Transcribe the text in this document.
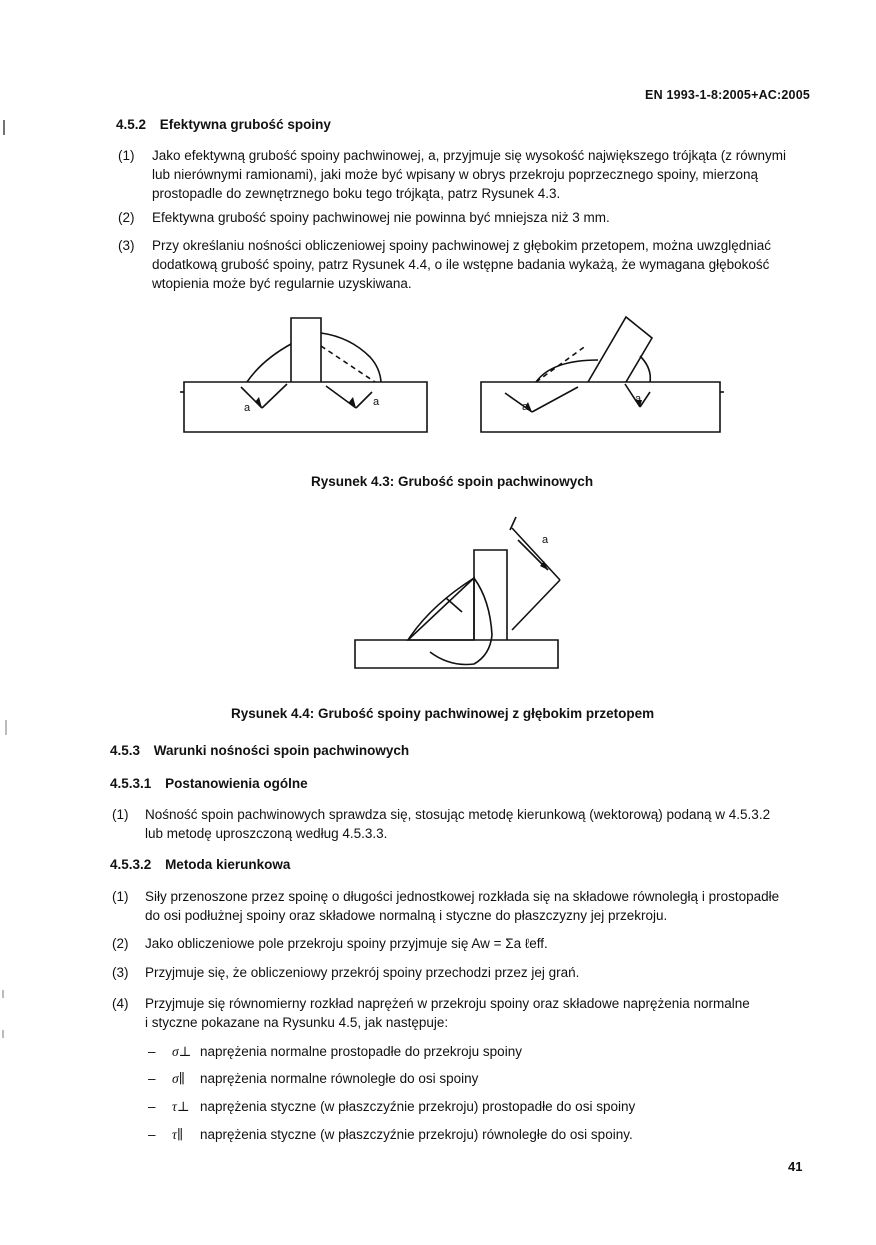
EN 1993-1-8:2005+AC:2005
4.5.2 Efektywna grubość spoiny
(1) Jako efektywną grubość spoiny pachwinowej, a, przyjmuje się wysokość największego trójkąta (z równymi
lub nierównymi ramionami), jaki może być wpisany w obrys przekroju poprzecznego spoiny, mierzoną
prostopadle do zewnętrznego boku tego trójkąta, patrz Rysunek 4.3.
(2) Efektywna grubość spoiny pachwinowej nie powinna być mniejsza niż 3 mm.
(3) Przy określaniu nośności obliczeniowej spoiny pachwinowej z głębokim przetopem, można uwzględniać
dodatkową grubość spoiny, patrz Rysunek 4.4, o ile wstępne badania wykażą, że wymagana głębokość
wtopienia może być regularnie uzyskiwana.
a	a	a
a
Rysunek 4.3: Grubość spoin pachwinowych
a
Rysunek 4.4: Grubość spoiny pachwinowej z głębokim przetopem
4.5.3 Warunki nośności spoin pachwinowych
4.5.3.1 Postanowienia ogólne
(1) Nośność spoin pachwinowych sprawdza się, stosując metodę kierunkową (wektorową) podaną w 4.5.3.2
lub metodę uproszczoną według 4.5.3.3.
4.5.3.2 Metoda kierunkowa
(1) Siły przenoszone przez spoinę o długości jednostkowej rozkłada się na składowe równoległą i prostopadłe
do osi podłużnej spoiny oraz składowe normalną i styczne do płaszczyzny jej przekroju.
(2) Jako obliczeniowe pole przekroju spoiny przyjmuje się Aw = Σa ℓeff.
(3) Przyjmuje się, że obliczeniowy przekrój spoiny przechodzi przez jej grań.
(4) Przyjmuje się równomierny rozkład naprężeń w przekroju spoiny oraz składowe naprężenia normalne
i styczne pokazane na Rysunku 4.5, jak następuje:
– σ⊥ naprężenia normalne prostopadłe do przekroju spoiny
– σ∥ naprężenia normalne równoległe do osi spoiny
– τ⊥ naprężenia styczne (w płaszczyźnie przekroju) prostopadłe do osi spoiny
– τ∥ naprężenia styczne (w płaszczyźnie przekroju) równoległe do osi spoiny.
41
